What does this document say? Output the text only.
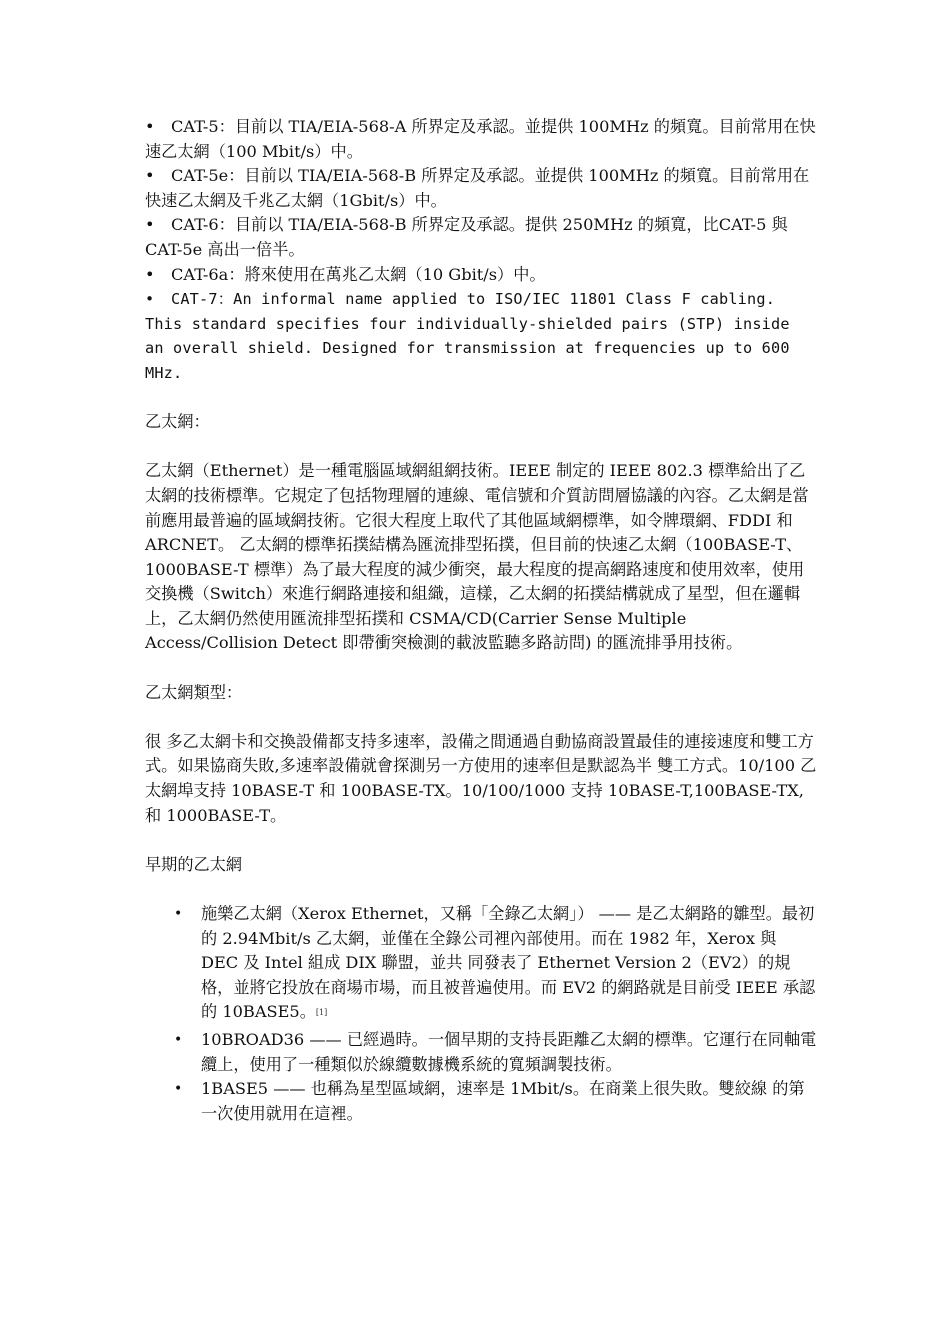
• CAT-5：目前以 TIA/EIA-568-A 所界定及承認。並提供 100MHz 的頻寬。目前常用在快速乙太網（100 Mbit/s）中。
• CAT-5e：目前以 TIA/EIA-568-B 所界定及承認。並提供 100MHz 的頻寬。目前常用在快速乙太網及千兆乙太網（1Gbit/s）中。
• CAT-6：目前以 TIA/EIA-568-B 所界定及承認。提供 250MHz 的頻寬，比CAT-5 與 CAT-5e 高出一倍半。
• CAT-6a：將來使用在萬兆乙太網（10 Gbit/s）中。
• CAT-7：An informal name applied to ISO/IEC 11801 Class F cabling. This standard specifies four individually-shielded pairs (STP) inside an overall shield. Designed for transmission at frequencies up to 600 MHz.
乙太網：
乙太網（Ethernet）是一種電腦區域網組網技術。IEEE 制定的 IEEE 802.3 標準給出了乙太網的技術標準。它規定了包括物理層的連線、電信號和介質訪問層協議的內容。乙太網是當前應用最普遍的區域網技術。它很大程度上取代了其他區域網標準，如令牌環網、FDDI 和 ARCNET。 乙太網的標準拓撲結構為匯流排型拓撲，但目前的快速乙太網（100BASE-T、1000BASE-T 標準）為了最大程度的減少衝突，最大程度的提高網路速度和使用效率，使用交換機（Switch）來進行網路連接和組織，這樣，乙太網的拓撲結構就成了星型，但在邏輯上，乙太網仍然使用匯流排型拓撲和 CSMA/CD(Carrier Sense Multiple Access/Collision Detect 即帶衝突檢測的載波監聽多路訪問) 的匯流排爭用技術。
乙太網類型：
很 多乙太網卡和交換設備都支持多速率，設備之間通過自動協商設置最佳的連接速度和雙工方式。如果協商失敗,多速率設備就會探測另一方使用的速率但是默認為半 雙工方式。10/100 乙太網埠支持 10BASE-T 和 100BASE-TX。10/100/1000 支持 10BASE-T,100BASE-TX,和 1000BASE-T。
早期的乙太網
• 施樂乙太網（Xerox Ethernet，又稱「全錄乙太網」） —— 是乙太網路的雛型。最初的 2.94Mbit/s 乙太網，並僅在全錄公司裡內部使用。而在 1982 年，Xerox 與 DEC 及 Intel 組成 DIX 聯盟，並共 同發表了 Ethernet Version 2（EV2）的規格，並將它投放在商場市場，而且被普遍使用。而 EV2 的網路就是目前受 IEEE 承認的 10BASE5。[1]
• 10BROAD36 —— 已經過時。一個早期的支持長距離乙太網的標準。它運行在同軸電纜上，使用了一種類似於線纜數據機系統的寬頻調製技術。
• 1BASE5 —— 也稱為星型區域網，速率是 1Mbit/s。在商業上很失敗。雙絞線 的第一次使用就用在這裡。
